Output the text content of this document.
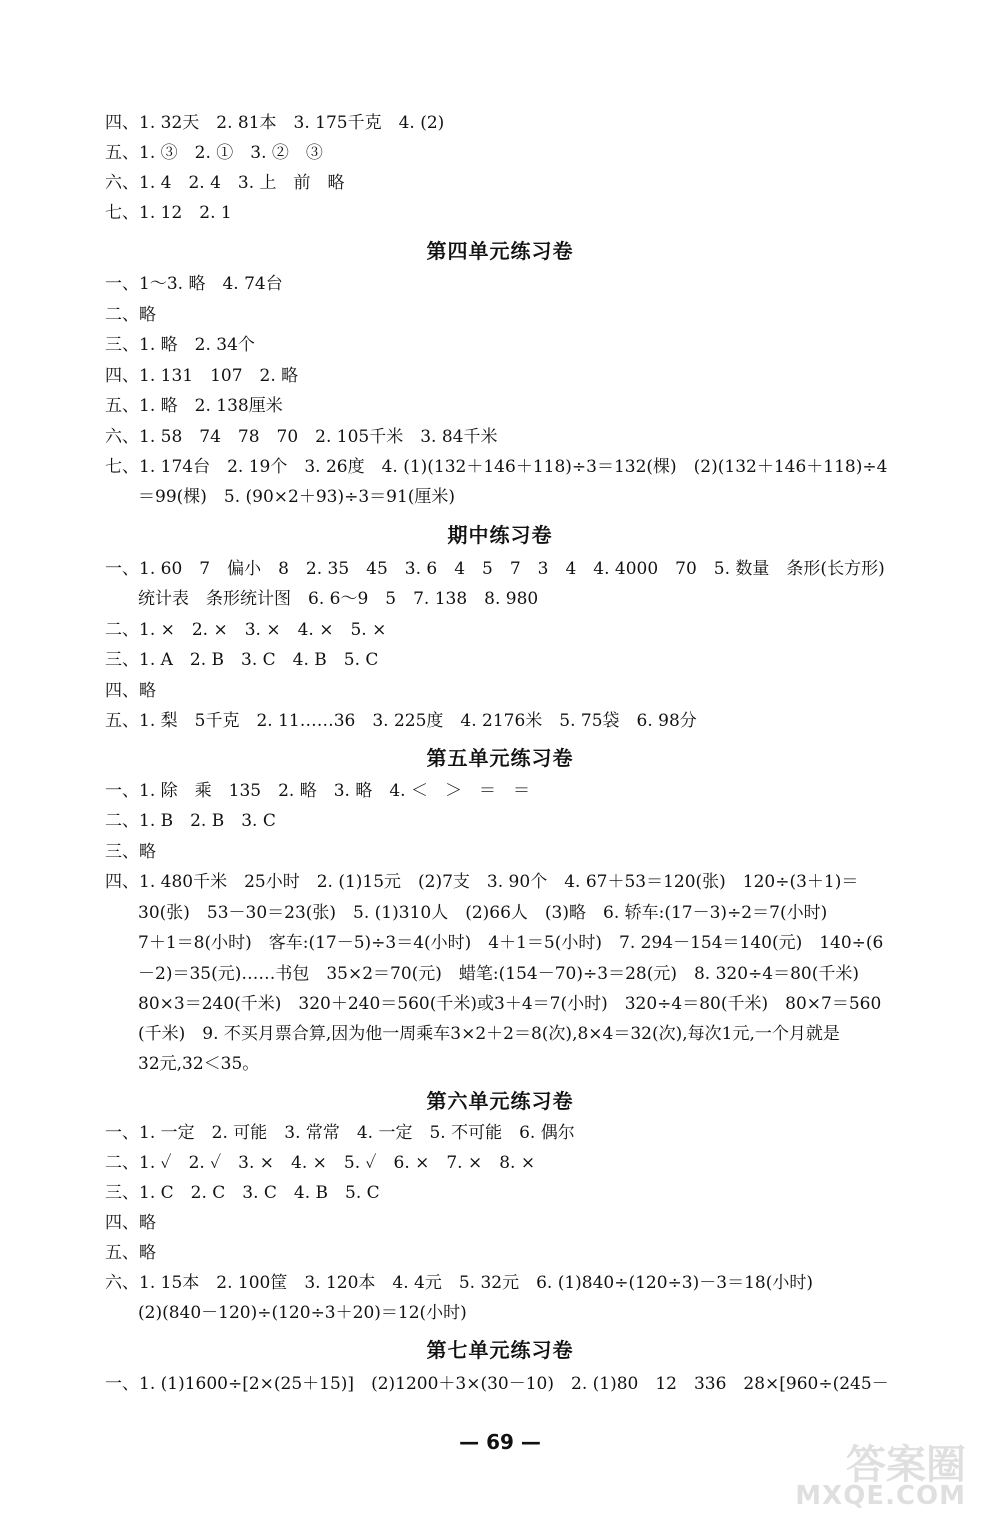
四、1. 32天　2. 81本　3. 175千克　4. (2)
五、1. ③　2. ①　3. ②　③
六、1. 4　2. 4　3. 上　前　略
七、1. 12　2. 1
第四单元练习卷
一、1～3. 略　4. 74台
二、略
三、1. 略　2. 34个
四、1. 131　107　2. 略
五、1. 略　2. 138厘米
六、1. 58　74　78　70　2. 105千米　3. 84千米
七、1. 174台　2. 19个　3. 26度　4. (1)(132＋146＋118)÷3＝132(棵)　(2)(132＋146＋118)÷4
＝99(棵)　5. (90×2＋93)÷3＝91(厘米)
期中练习卷
一、1. 60　7　偏小　8　2. 35　45　3. 6　4　5　7　3　4　4. 4000　70　5. 数量　条形(长方形)
统计表　条形统计图　6. 6～9　5　7. 138　8. 980
二、1. ×　2. ×　3. ×　4. ×　5. ×
三、1. A　2. B　3. C　4. B　5. C
四、略
五、1. 梨　5千克　2. 11……36　3. 225度　4. 2176米　5. 75袋　6. 98分
第五单元练习卷
一、1. 除　乘　135　2. 略　3. 略　4. ＜　＞　＝　＝
二、1. B　2. B　3. C
三、略
四、1. 480千米　25小时　2. (1)15元　(2)7支　3. 90个　4. 67＋53＝120(张)　120÷(3＋1)＝
30(张)　53－30＝23(张)　5. (1)310人　(2)66人　(3)略　6. 轿车:(17－3)÷2＝7(小时)
7＋1＝8(小时)　客车:(17－5)÷3＝4(小时)　4＋1＝5(小时)　7. 294－154＝140(元)　140÷(6
－2)＝35(元)……书包　35×2＝70(元)　蜡笔:(154－70)÷3＝28(元)　8. 320÷4＝80(千米)
80×3＝240(千米)　320＋240＝560(千米)或3＋4＝7(小时)　320÷4＝80(千米)　80×7＝560
(千米)　9. 不买月票合算,因为他一周乘车3×2＋2＝8(次),8×4＝32(次),每次1元,一个月就是
32元,32＜35。
第六单元练习卷
一、1. 一定　2. 可能　3. 常常　4. 一定　5. 不可能　6. 偶尔
二、1. ✓　2. ✓　3. ×　4. ×　5. ✓　6. ×　7. ×　8. ×
三、1. C　2. C　3. C　4. B　5. C
四、略
五、略
六、1. 15本　2. 100筐　3. 120本　4. 4元　5. 32元　6. (1)840÷(120÷3)－3＝18(小时)
(2)(840－120)÷(120÷3＋20)＝12(小时)
第七单元练习卷
一、1. (1)1600÷[2×(25＋15)]　(2)1200＋3×(30－10)　2. (1)80　12　336　28×[960÷(245－
— 69 —	答案圈
MXQE.COM
